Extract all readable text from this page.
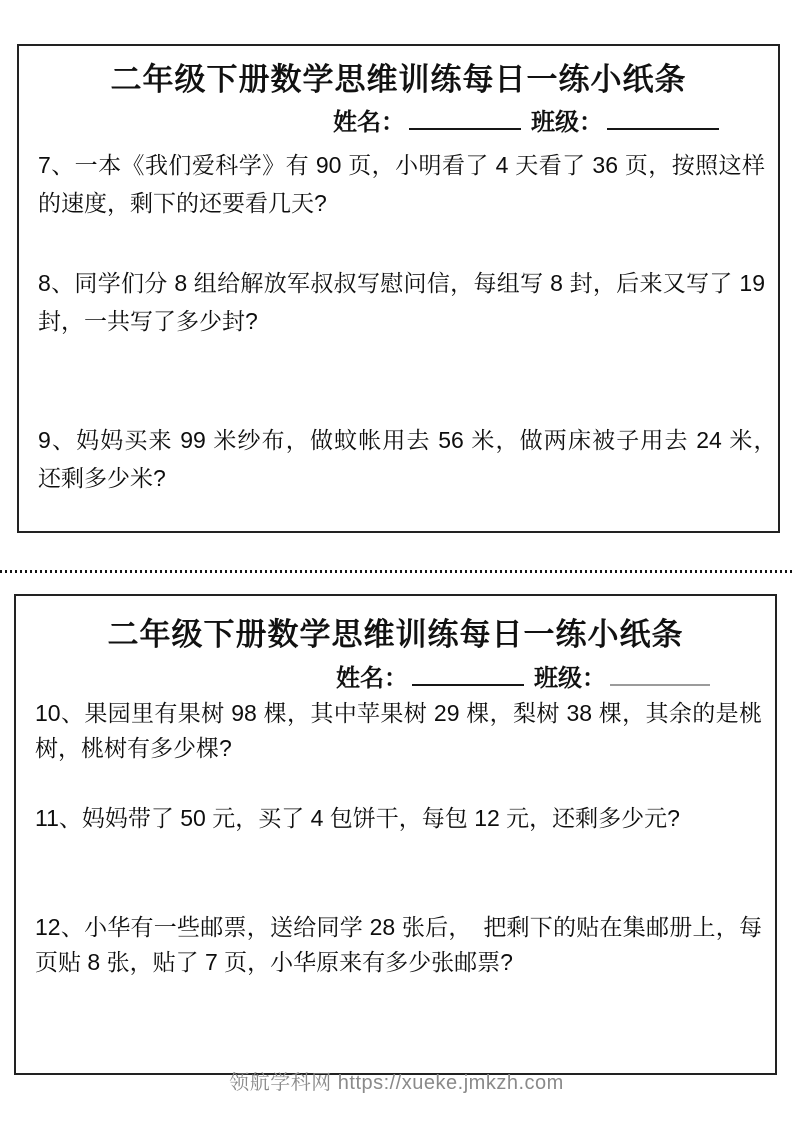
二年级下册数学思维训练每日一练小纸条
姓名：	班级：

7、一本《我们爱科学》有 90 页，小明看了 4 天看了 36 页，按照这样的速度，剩下的还要看几天?

8、同学们分 8 组给解放军叔叔写慰问信，每组写 8 封，后来又写了 19 封，一共写了多少封?

9、妈妈买来 99 米纱布，做蚊帐用去 56 米，做两床被子用去 24 米，　还剩多少米?

二年级下册数学思维训练每日一练小纸条
姓名：	班级：

10、果园里有果树 98 棵，其中苹果树 29 棵，梨树 38 棵，其余的是桃树，桃树有多少棵?

11、妈妈带了 50 元，买了 4 包饼干，每包 12 元，还剩多少元?

12、小华有一些邮票，送给同学 28 张后，　把剩下的贴在集邮册上，每页贴 8 张，贴了 7 页，小华原来有多少张邮票?

领航学科网 https://xueke.jmkzh.com
